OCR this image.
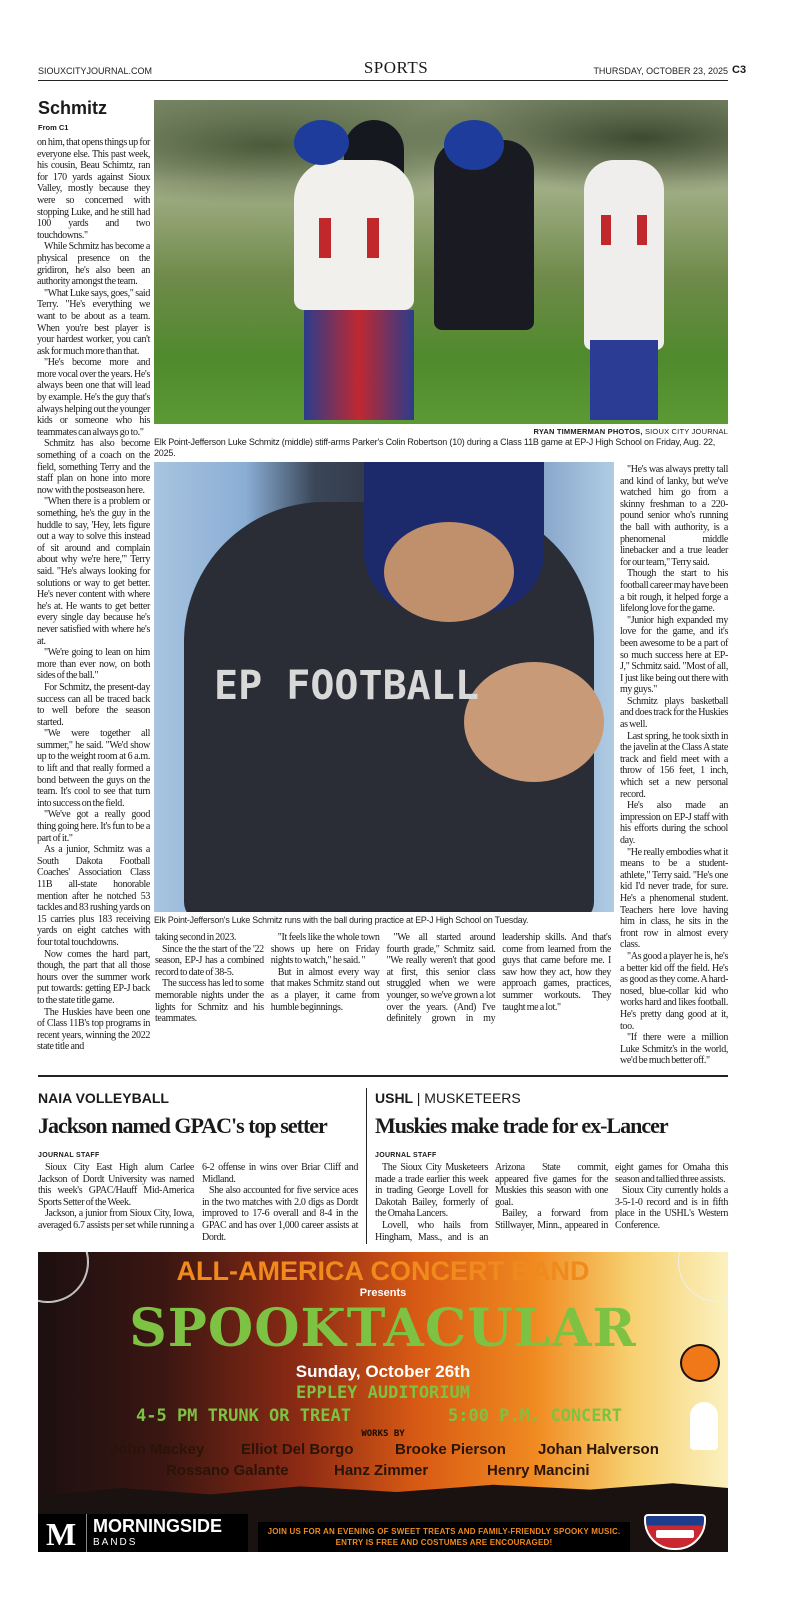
SIOUXCITYJOURNAL.COM	SPORTS	THURSDAY, OCTOBER 23, 2025 C3
Schmitz
From C1

on him, that opens things up for everyone else. This past week, his cousin, Beau Schimtz, ran for 170 yards against Sioux Valley, mostly because they were so concerned with stopping Luke, and he still had 100 yards and two touchdowns."

While Schmitz has become a physical presence on the gridiron, he's also been an authority amongst the team.

"What Luke says, goes," said Terry. "He's everything we want to be about as a team. When you're best player is your hardest worker, you can't ask for much more than that.

"He's become more and more vocal over the years. He's always been one that will lead by example. He's the guy that's always helping out the younger kids or someone who his teammates can always go to."

Schmitz has also become something of a coach on the field, something Terry and the staff plan on hone into more now with the postseason here.

"When there is a problem or something, he's the guy in the huddle to say, 'Hey, lets figure out a way to solve this instead of sit around and complain about why we're here,'" Terry said. "He's always looking for solutions or way to get better. He's never content with where he's at. He wants to get better every single day because he's never satisfied with where he's at.

"We're going to lean on him more than ever now, on both sides of the ball."

For Schmitz, the present-day success can all be traced back to well before the season started.

"We were together all summer," he said. "We'd show up to the weight room at 6 a.m. to lift and that really formed a bond between the guys on the team. It's cool to see that turn into success on the field.

"We've got a really good thing going here. It's fun to be a part of it."

As a junior, Schmitz was a South Dakota Football Coaches' Association Class 11B all-state honorable mention after he notched 53 tackles and 83 rushing yards on 15 carries plus 183 receiving yards on eight catches with four total touchdowns.

Now comes the hard part, though, the part that all those hours over the summer work put towards: getting EP-J back to the state title game.

The Huskies have been one of Class 11B's top programs in recent years, winning the 2022 state title and

RYAN TIMMERMAN PHOTOS, SIOUX CITY JOURNAL
Elk Point-Jefferson Luke Schmitz (middle) stiff-arms Parker's Colin Robertson (10) during a Class 11B game at EP-J High School on Friday, Aug. 22, 2025.
EP FOOTBALL
Elk Point-Jefferson's Luke Schmitz runs with the ball during practice at EP-J High School on Tuesday.

"He's was always pretty tall and kind of lanky, but we've watched him go from a skinny freshman to a 220-pound senior who's running the ball with authority, is a phenomenal middle linebacker and a true leader for our team," Terry said.

Though the start to his football career may have been a bit rough, it helped forge a lifelong love for the game.

"Junior high expanded my love for the game, and it's been awesome to be a part of so much success here at EP-J," Schmitz said. "Most of all, I just like being out there with my guys."

Schmitz plays basketball and does track for the Huskies as well.

Last spring, he took sixth in the javelin at the Class A state track and field meet with a throw of 156 feet, 1 inch, which set a new personal record.

He's also made an impression on EP-J staff with his efforts during the school day.

"He really embodies what it means to be a student-athlete," Terry said. "He's one kid I'd never trade, for sure. He's a phenomenal student. Teachers here love having him in class, he sits in the front row in almost every class.

"As good a player he is, he's a better kid off the field. He's as good as they come. A hard-nosed, blue-collar kid who works hard and likes football. He's pretty dang good at it, too.

"If there were a million Luke Schmitz's in the world, we'd be much better off."

taking second in 2023.

Since the the start of the '22 season, EP-J has a combined record to date of 38-5.

The success has led to some memorable nights under the lights for Schmitz and his teammates.

"It feels like the whole town shows up here on Friday nights to watch," he said. "

But in almost every way that makes Schmitz stand out as a player, it came from humble beginnings.

"We all started around fourth grade," Schmitz said. "We really weren't that good at first, this senior class struggled when we were younger, so we've grown a lot over the years. (And) I've definitely grown in my leadership skills. And that's come from learned from the guys that came before me. I saw how they act, how they approach games, practices, summer workouts. They taught me a lot."

NAIA VOLLEYBALL
Jackson named GPAC's top setter
JOURNAL STAFF

Sioux City East High alum Carlee Jackson of Dordt University was named this week's GPAC/Hauff Mid-America Sports Setter of the Week.

Jackson, a junior from Sioux City, Iowa, averaged 6.7 assists per set while running a 6-2 offense in wins over Briar Cliff and Midland.

She also accounted for five service aces in the two matches with 2.0 digs as Dordt improved to 17-6 overall and 8-4 in the GPAC and has over 1,000 career assists at Dordt.

USHL | MUSKETEERS
Muskies make trade for ex-Lancer
JOURNAL STAFF

The Sioux City Musketeers made a trade earlier this week in trading George Lovell for Dakotah Bailey, formerly of the Omaha Lancers.

Lovell, who hails from Hingham, Mass., and is an Arizona State commit, appeared five games for the Muskies this season with one goal.

Bailey, a forward from Stillwayer, Minn., appeared in eight games for Omaha this season and tallied three assists.

Sioux City currently holds a 3-5-1-0 record and is in fifth place in the USHL's Western Conference.

ALL-AMERICA CONCERT BAND
Presents
SPOOKTACULAR
Sunday, October 26th
EPPLEY AUDITORIUM
4-5 PM TRUNK OR TREAT	5:00 P.M. CONCERT
WORKS BY
John Mackey Elliot Del Borgo	Brooke Pierson Johan Halverson
Rossano Galante	Hanz Zimmer	Henry Mancini
M MORNINGSIDE
BANDS
JOIN US FOR AN EVENING OF SWEET TREATS AND FAMILY-FRIENDLY SPOOKY MUSIC.
ENTRY IS FREE AND COSTUMES ARE ENCOURAGED!
